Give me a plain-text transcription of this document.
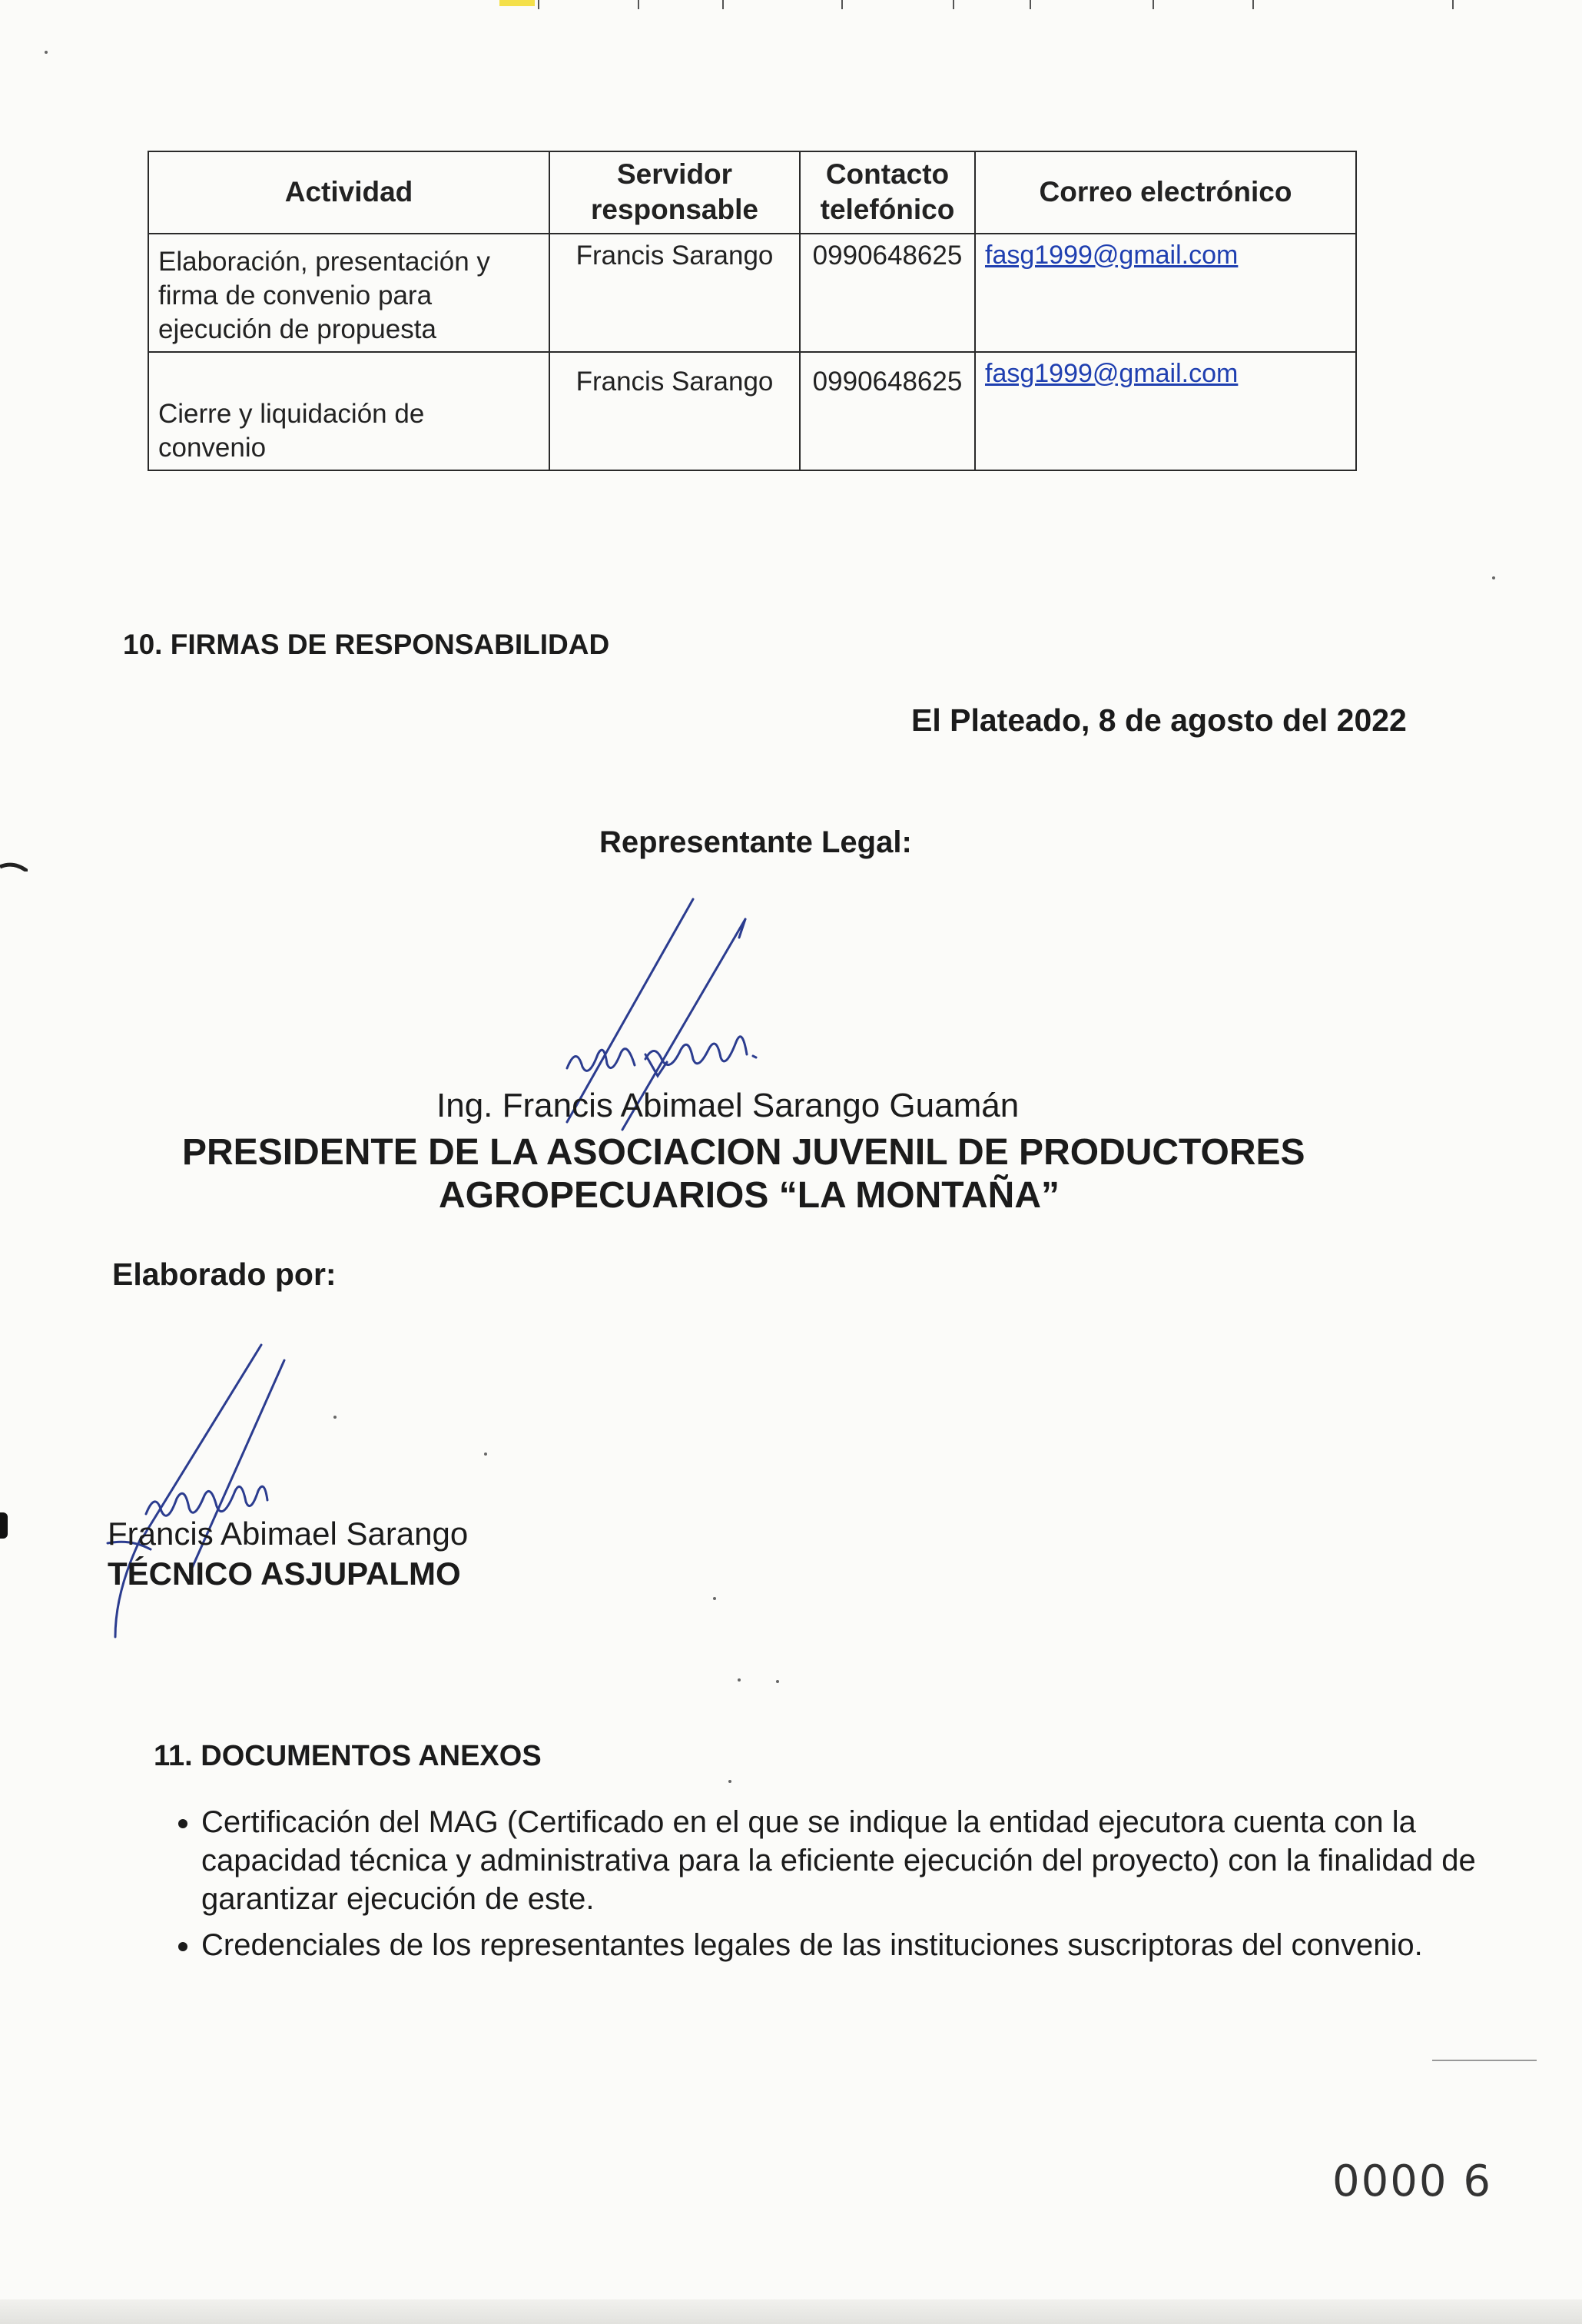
Actividad	Servidor responsable	Contacto telefónico	Correo electrónico
Elaboración, presentación y firma de convenio para ejecución de propuesta	Francis Sarango	0990648625	fasg1999@gmail.com
Cierre y liquidación de convenio	Francis Sarango	0990648625	fasg1999@gmail.com
10. FIRMAS DE RESPONSABILIDAD
El Plateado, 8 de agosto del 2022
Representante Legal:
Ing. Francis Abimael Sarango Guamán
PRESIDENTE DE LA ASOCIACION JUVENIL DE PRODUCTORES
AGROPECUARIOS “LA MONTAÑA”
Elaborado por:
Francis Abimael Sarango
TÉCNICO ASJUPALMO
11. DOCUMENTOS ANEXOS
• Certificación del MAG (Certificado en el que se indique la entidad ejecutora cuenta con la capacidad técnica y administrativa para la eficiente ejecución del proyecto) con la finalidad de garantizar ejecución de este.
• Credenciales de los representantes legales de las instituciones suscriptoras del convenio.
0000 6
